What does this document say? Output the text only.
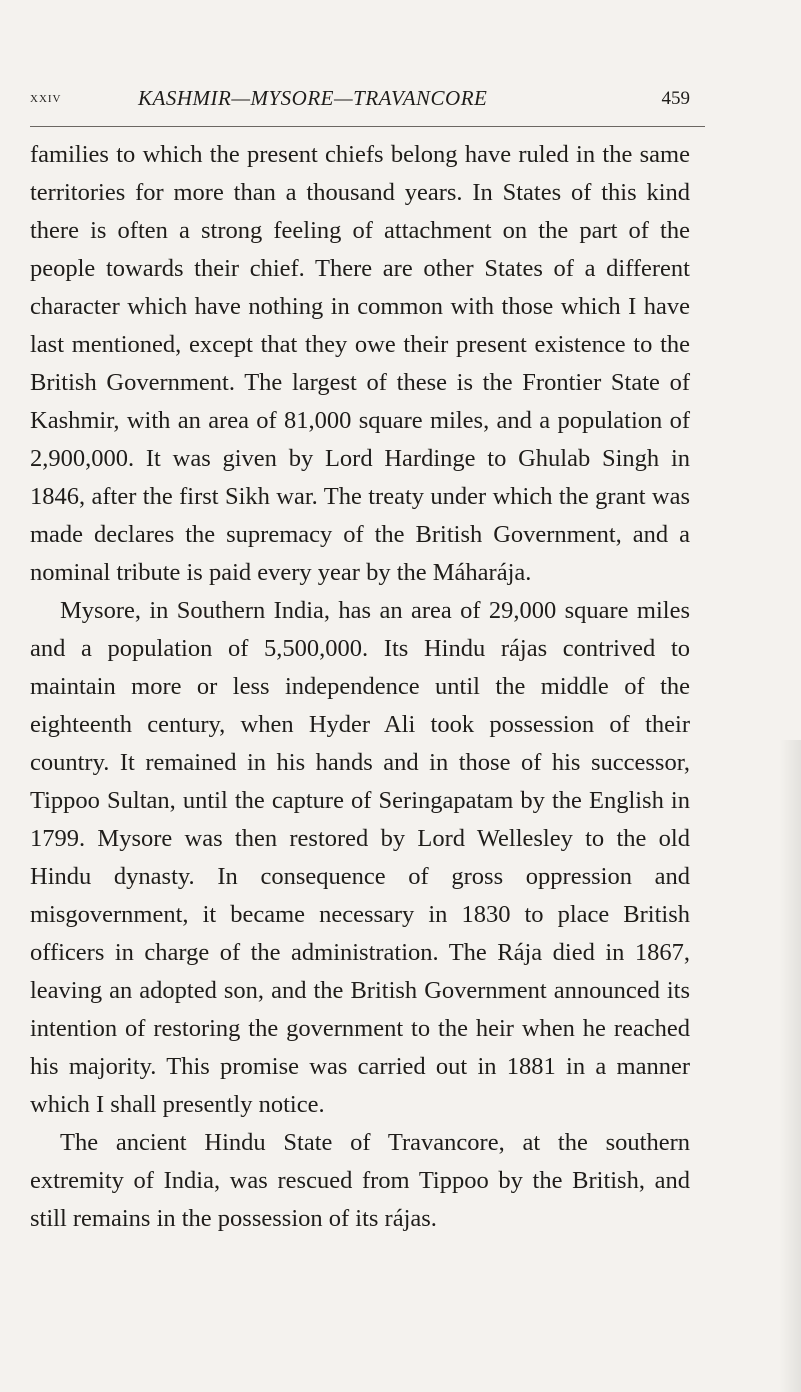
xxiv	KASHMIR—MYSORE—TRAVANCORE	459

families to which the present chiefs belong have ruled in the same territories for more than a thousand years. In States of this kind there is often a strong feeling of attachment on the part of the people towards their chief. There are other States of a different character which have nothing in common with those which I have last mentioned, except that they owe their present existence to the British Government. The largest of these is the Frontier State of Kashmir, with an area of 81,000 square miles, and a population of 2,900,000. It was given by Lord Hardinge to Ghulab Singh in 1846, after the first Sikh war. The treaty under which the grant was made declares the supremacy of the British Government, and a nominal tribute is paid every year by the Máharája.

Mysore, in Southern India, has an area of 29,000 square miles and a population of 5,500,000. Its Hindu rájas contrived to maintain more or less independence until the middle of the eighteenth century, when Hyder Ali took possession of their country. It remained in his hands and in those of his successor, Tippoo Sultan, until the capture of Seringapatam by the English in 1799. Mysore was then restored by Lord Wellesley to the old Hindu dynasty. In consequence of gross oppression and misgovernment, it became necessary in 1830 to place British officers in charge of the administration. The Rája died in 1867, leaving an adopted son, and the British Government announced its intention of restoring the government to the heir when he reached his majority. This promise was carried out in 1881 in a manner which I shall presently notice.

The ancient Hindu State of Travancore, at the southern extremity of India, was rescued from Tippoo by the British, and still remains in the possession of its rájas.
